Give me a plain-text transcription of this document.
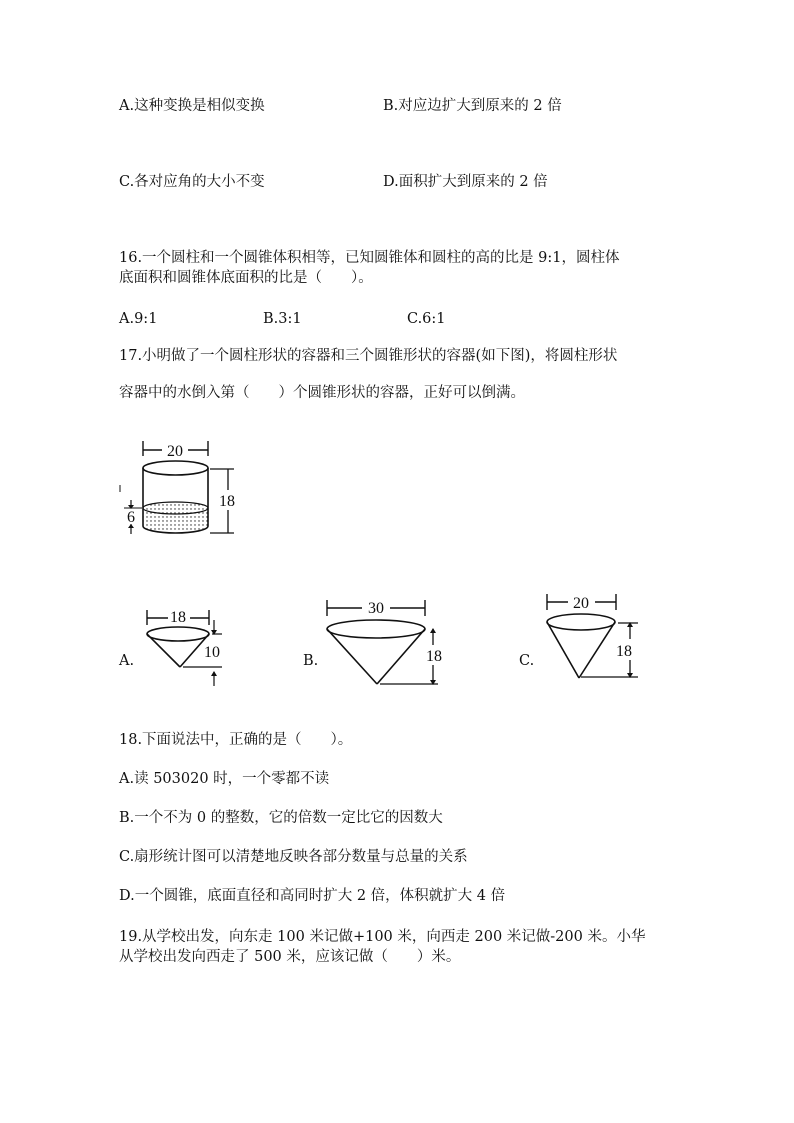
A.这种变换是相似变换	B.对应边扩大到原来的 2 倍
C.各对应角的大小不变	D.面积扩大到原来的 2 倍
16.一个圆柱和一个圆锥体积相等，已知圆锥体和圆柱的高的比是 9:1，圆柱体
底面积和圆锥体底面积的比是（　　）。
A.9:1	B.3:1	C.6:1
17.小明做了一个圆柱形状的容器和三个圆锥形状的容器(如下图)，将圆柱形状
容器中的水倒入第（　　）个圆锥形状的容器，正好可以倒满。
20
18
6
A.
18
10	B.
30
18	C.
20
18
18.下面说法中，正确的是（　　）。
A.读 503020 时，一个零都不读
B.一个不为 0 的整数，它的倍数一定比它的因数大
C.扇形统计图可以清楚地反映各部分数量与总量的关系
D.一个圆锥，底面直径和高同时扩大 2 倍，体积就扩大 4 倍
19.从学校出发，向东走 100 米记做+100 米，向西走 200 米记做-200 米。小华
从学校出发向西走了 500 米，应该记做（　　）米。
